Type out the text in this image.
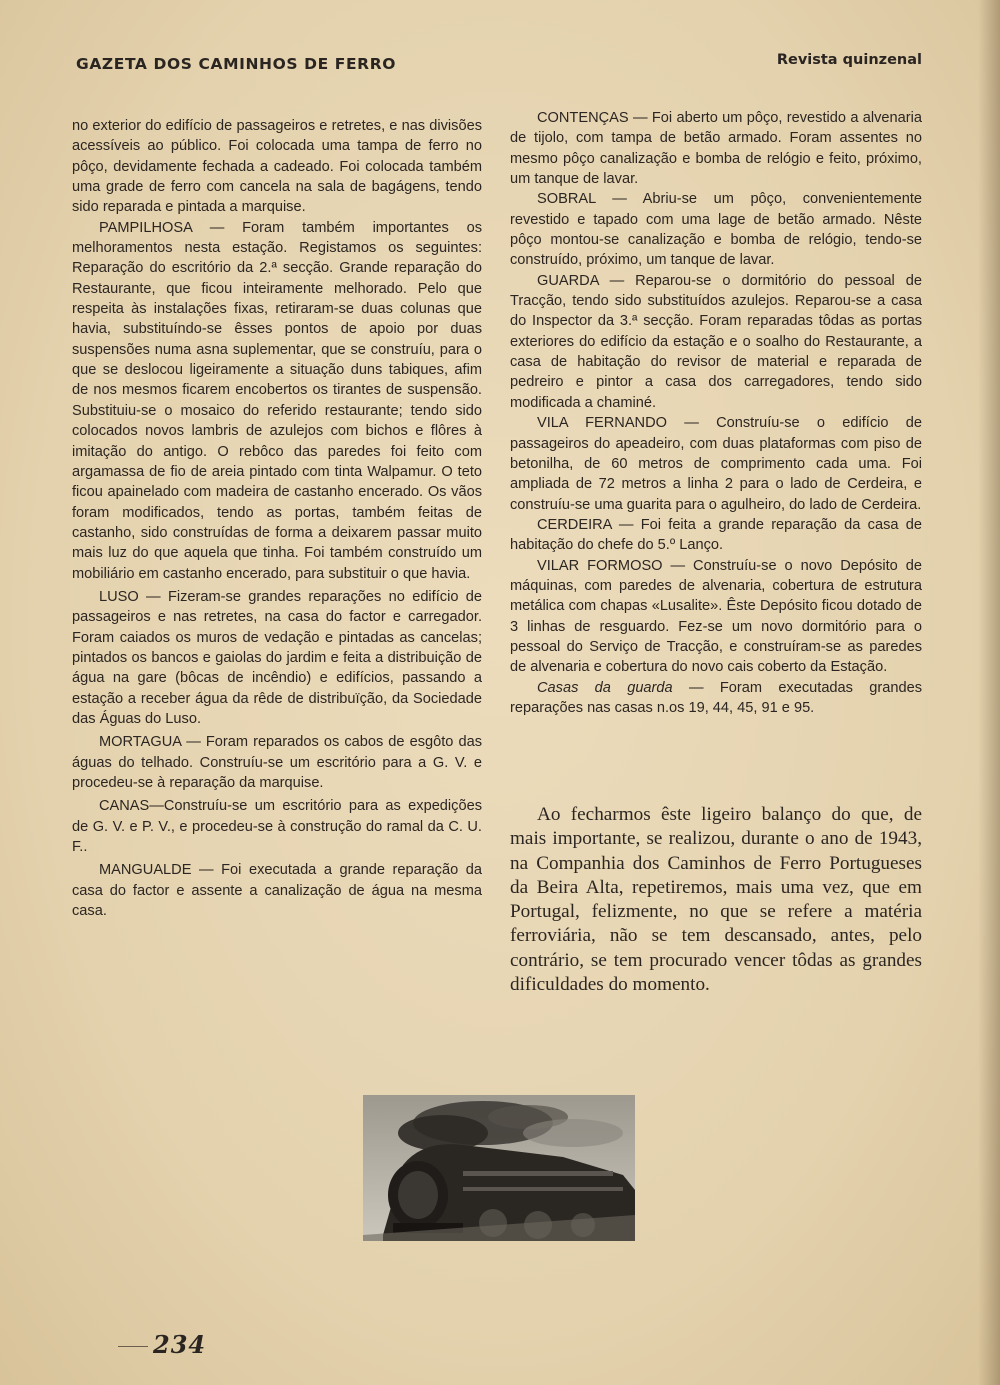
GAZETA DOS CAMINHOS DE FERRO	Revista quinzenal

no exterior do edifício de passageiros e retretes, e nas divisões acessíveis ao público. Foi colocada uma tampa de ferro no pôço, devidamente fechada a cadeado. Foi colocada também uma grade de ferro com cancela na sala de bagágens, tendo sido reparada e pintada a marquise.

PAMPILHOSA — Foram também importantes os melhoramentos nesta estação. Registamos os seguintes: Reparação do escritório da 2.ª secção. Grande reparação do Restaurante, que ficou inteiramente melhorado. Pelo que respeita às instalações fixas, retiraram-se duas colunas que havia, substituíndo-se êsses pontos de apoio por duas suspensões numa asna suplementar, que se construíu, para o que se deslocou ligeiramente a situação duns tabiques, afim de nos mesmos ficarem encobertos os tirantes de suspensão. Substituiu-se o mosaico do referido restaurante; tendo sido colocados novos lambris de azulejos com bichos e flôres à imitação do antigo. O rebôco das paredes foi feito com argamassa de fio de areia pintado com tinta Walpamur. O teto ficou apainelado com madeira de castanho encerado. Os vãos foram modificados, tendo as portas, também feitas de castanho, sido construídas de forma a deixarem passar muito mais luz do que aquela que tinha. Foi também construído um mobiliário em castanho encerado, para substituir o que havia.

LUSO — Fizeram-se grandes reparações no edifício de passageiros e nas retretes, na casa do factor e carregador. Foram caiados os muros de vedação e pintadas as cancelas; pintados os bancos e gaiolas do jardim e feita a distribuição de água na gare (bôcas de incêndio) e edifícios, passando a estação a receber água da rêde de distribuïção, da Sociedade das Águas do Luso.

MORTAGUA — Foram reparados os cabos de esgôto das águas do telhado. Construíu-se um escritório para a G. V. e procedeu-se à reparação da marquise.

CANAS—Construíu-se um escritório para as expedições de G. V. e P. V., e procedeu-se à construção do ramal da C. U. F..

MANGUALDE — Foi executada a grande reparação da casa do factor e assente a canalização de água na mesma casa.

CONTENÇAS — Foi aberto um pôço, revestido a alvenaria de tijolo, com tampa de betão armado. Foram assentes no mesmo pôço canalização e bomba de relógio e feito, próximo, um tanque de lavar.

SOBRAL — Abriu-se um pôço, convenientemente revestido e tapado com uma lage de betão armado. Nêste pôço montou-se canalização e bomba de relógio, tendo-se construído, próximo, um tanque de lavar.

GUARDA — Reparou-se o dormitório do pessoal de Tracção, tendo sido substituídos azulejos. Reparou-se a casa do Inspector da 3.ª secção. Foram reparadas tôdas as portas exteriores do edifício da estação e o soalho do Restaurante, a casa de habitação do revisor de material e reparada de pedreiro e pintor a casa dos carregadores, tendo sido modificada a chaminé.

VILA FERNANDO — Construíu-se o edifício de passageiros do apeadeiro, com duas plataformas com piso de betonilha, de 60 metros de comprimento cada uma. Foi ampliada de 72 metros a linha 2 para o lado de Cerdeira, e construíu-se uma guarita para o agulheiro, do lado de Cerdeira.

CERDEIRA — Foi feita a grande reparação da casa de habitação do chefe do 5.º Lanço.

VILAR FORMOSO — Construíu-se o novo Depósito de máquinas, com paredes de alvenaria, cobertura de estrutura metálica com chapas «Lusalite». Êste Depósito ficou dotado de 3 linhas de resguardo. Fez-se um novo dormitório para o pessoal do Serviço de Tracção, e construíram-se as paredes de alvenaria e cobertura do novo cais coberto da Estação.

Casas da guarda — Foram executadas grandes reparações nas casas n.os 19, 44, 45, 91 e 95.

Ao fecharmos êste ligeiro balanço do que, de mais importante, se realizou, durante o ano de 1943, na Companhia dos Caminhos de Ferro Portugueses da Beira Alta, repetiremos, mais uma vez, que em Portugal, felizmente, no que se refere a matéria ferroviária, não se tem descansado, antes, pelo contrário, se tem procurado vencer tôdas as grandes dificuldades do momento.

234
